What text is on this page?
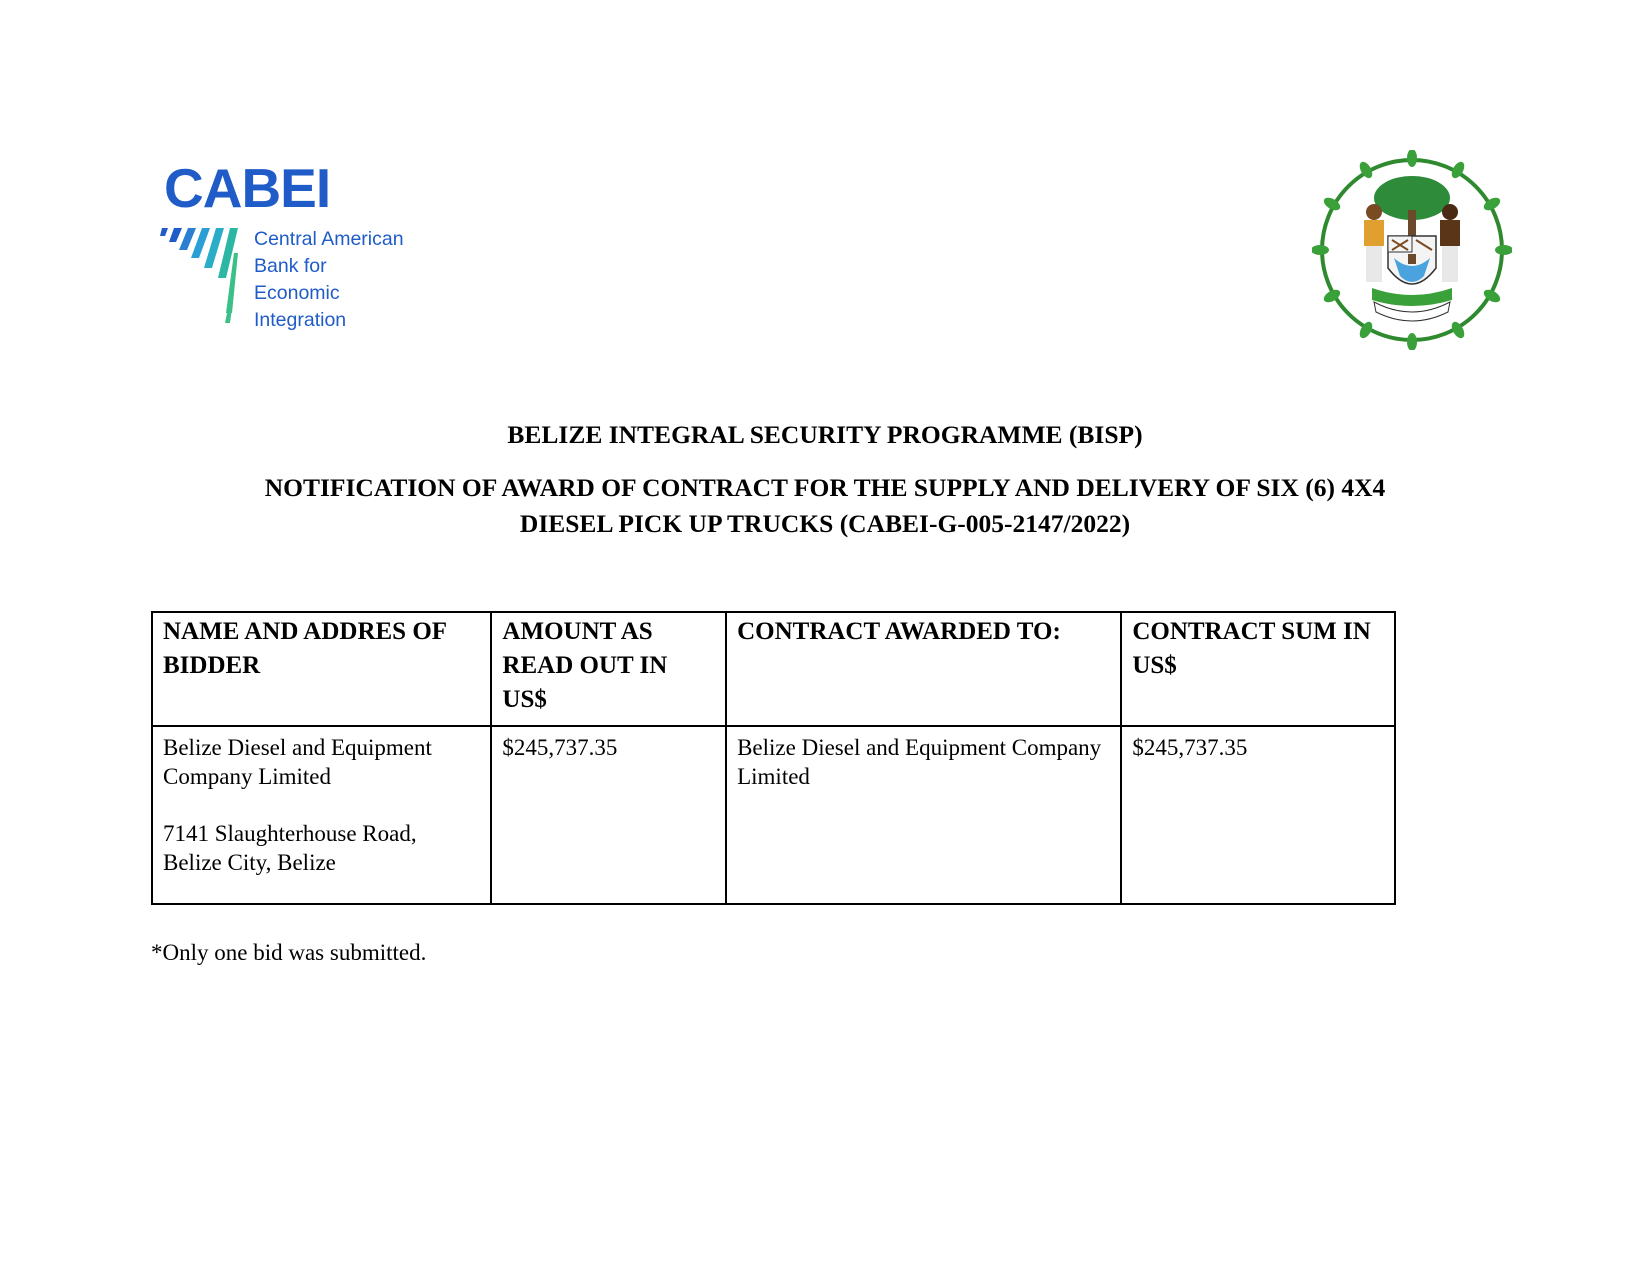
CABEI
Central American
Bank for
Economic
Integration
BELIZE INTEGRAL SECURITY PROGRAMME (BISP)
NOTIFICATION OF AWARD OF CONTRACT FOR THE SUPPLY AND DELIVERY OF SIX (6) 4X4
DIESEL PICK UP TRUCKS (CABEI-G-005-2147/2022)
NAME AND ADDRES OF BIDDER	AMOUNT AS READ OUT IN US$	CONTRACT AWARDED TO:	CONTRACT SUM IN US$

Belize Diesel and Equipment Company Limited
7141 Slaughterhouse Road, Belize City, Belize	$245,737.35	Belize Diesel and Equipment Company Limited	$245,737.35
*Only one bid was submitted.
